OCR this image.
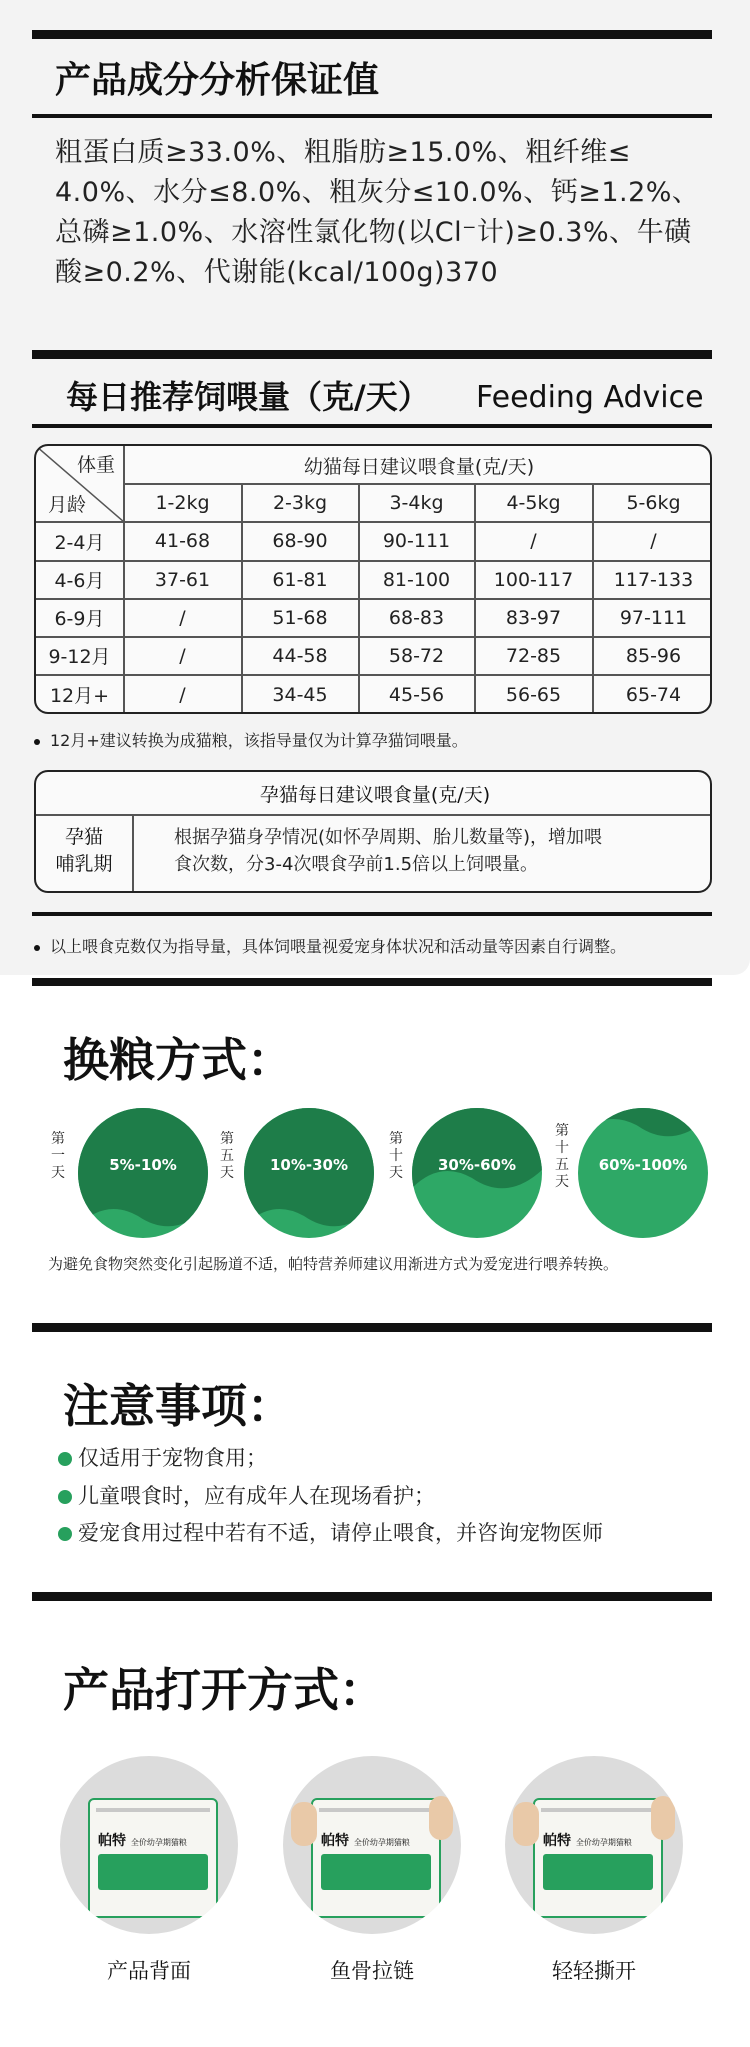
产品成分分析保证值
粗蛋白质≥33.0%、粗脂肪≥15.0%、粗纤维≤
4.0%、水分≤8.0%、粗灰分≤10.0%、钙≥1.2%、
总磷≥1.0%、水溶性氯化物(以Cl⁻计)≥0.3%、牛磺
酸≥0.2%、代谢能(kcal/100g)370
每日推荐饲喂量（克/天） Feeding Advice
体重
月龄
幼猫每日建议喂食量(克/天)
1-2kg	2-3kg	3-4kg	4-5kg	5-6kg
2-4月	41-68	68-90	90-111	/	/
4-6月	37-61	61-81	81-100	100-117	117-133
6-9月	/	51-68	68-83	83-97	97-111
9-12月	/	44-58	58-72	72-85	85-96
12月+	/	34-45	45-56	56-65	65-74
12月+建议转换为成猫粮，该指导量仅为计算孕猫饲喂量。
孕猫每日建议喂食量(克/天)
孕猫
哺乳期
根据孕猫身孕情况(如怀孕周期、胎儿数量等)，增加喂
食次数，分3-4次喂食孕前1.5倍以上饲喂量。
以上喂食克数仅为指导量，具体饲喂量视爱宠身体状况和活动量等因素自行调整。
换粮方式：
第一天	5%-10%
第五天	10%-30%
第十天	30%-60%
第十五天
60%-100%
为避免食物突然变化引起肠道不适，帕特营养师建议用渐进方式为爱宠进行喂养转换。
注意事项：
仅适用于宠物食用；
儿童喂食时，应有成年人在现场看护；
爱宠食用过程中若有不适，请停止喂食，并咨询宠物医师
产品打开方式：
帕特 全价幼孕期猫粮
产品背面
帕特 全价幼孕期猫粮
鱼骨拉链
帕特 全价幼孕期猫粮
轻轻撕开
